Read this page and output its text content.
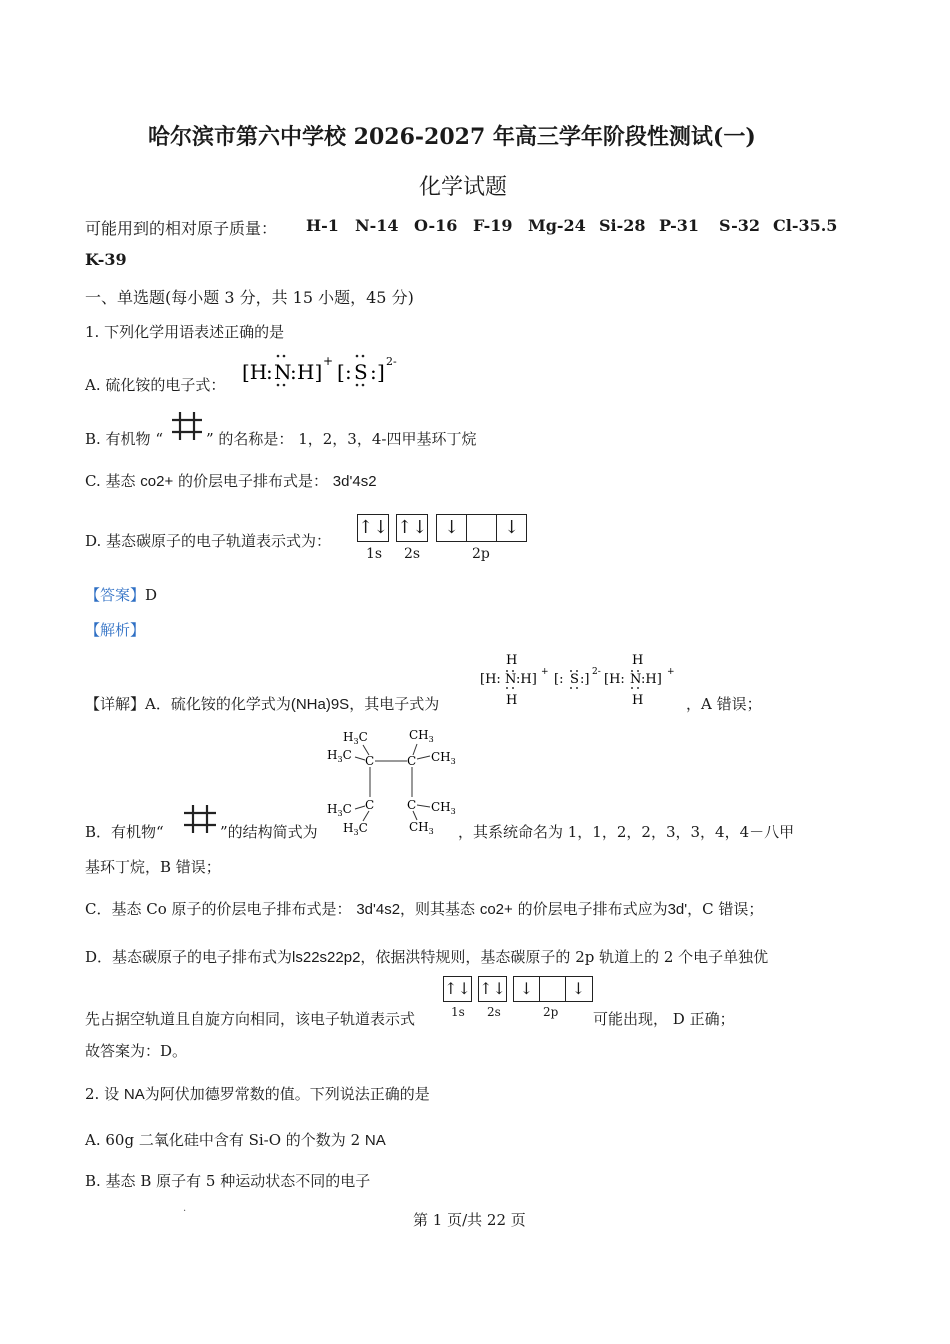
哈尔滨市第六中学校 2026-2027 年高三学年阶段性测试(一)
化学试题
可能用到的相对原子质量： H-1	N-14 O-16 F-19 Mg-24 Si-28 P-31	S-32 Cl-35.5
K-39
一、单选题(每小题 3 分，共 15 小题，45 分)
1. 下列化学用语表述正确的是
A. 硫化铵的电子式：
[H
: N
: H] + [ : S : ] 2-
B. 有机物 “	” 的名称是： 1，2，3，4-四甲基环丁烷
C. 基态 co2+ 的价层电子排布式是： 3d'4s2
D. 基态碳原子的电子轨道表示式为：
↑↓ ↑↓ ↓	↓
1s 2s	2p
【答案】D
【解析】
【详解】A．硫化铵的化学式为(NHa)9S，其电子式为
H
[H: N :H] +
H
[: S :] 2-
H
[H: N :H] +
H	，A 错误；
B．有机物“	”的结构简式为
$H_3C$
$H_3C$ C
$CH_3$
$CH_3$
C
C	C
$H_3C$
$H_3C$
$CH_3$
$CH_3$ ，其系统命名为 1，1，2，2，3，3，4，4－八甲
基环丁烷，B 错误；
C．基态 Co 原子的价层电子排布式是： 3d'4s2，则其基态 co2+ 的价层电子排布式应为3d'，C 错误；
D．基态碳原子的电子排布式为ls22s22p2，依据洪特规则，基态碳原子的 2p 轨道上的 2 个电子单独优
先占据空轨道且自旋方向相同，该电子轨道表示式
↑↓ ↑↓ ↓	↓
1s 2s	2p 可能出现， D 正确；
故答案为：D。
2. 设 NA为阿伏加德罗常数的值。下列说法正确的是
A. 60g 二氧化硅中含有 Si-O 的个数为 2 NA
B. 基态 B 原子有 5 种运动状态不同的电子
.
第 1 页/共 22 页
